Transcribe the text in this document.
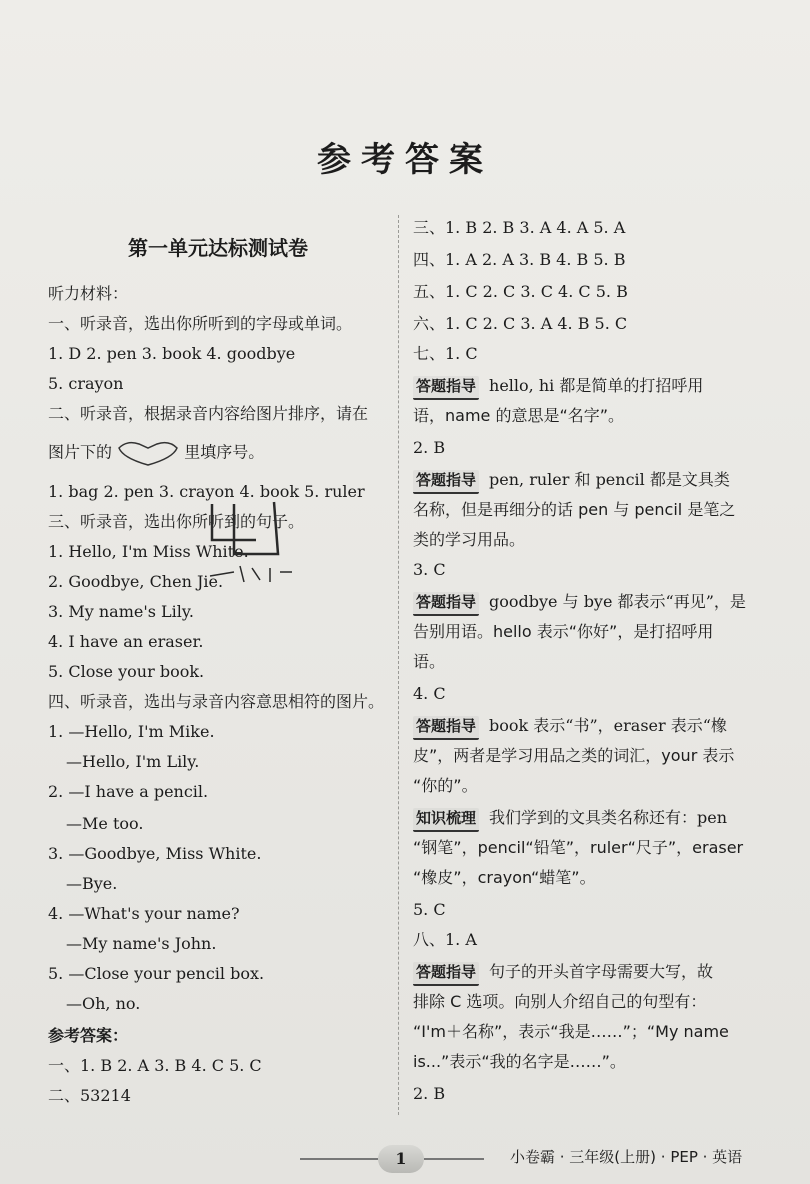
参考答案
第一单元达标测试卷
听力材料：
一、听录音，选出你所听到的字母或单词。
1. D 2. pen 3. book 4. goodbye
5. crayon
二、听录音，根据录音内容给图片排序，请在
图片下的	里填序号。
1. bag 2. pen 3. crayon 4. book 5. ruler
三、听录音，选出你所听到的句子。
1. Hello, I'm Miss White.
2. Goodbye, Chen Jie.
3. My name's Lily.
4. I have an eraser.
5. Close your book.
四、听录音，选出与录音内容意思相符的图片。
1. —Hello, I'm Mike.
—Hello, I'm Lily.
2. —I have a pencil.
—Me too.
3. —Goodbye, Miss White.
—Bye.
4. —What's your name?
—My name's John.
5. —Close your pencil box.
—Oh, no.
参考答案：
一、1. B 2. A 3. B 4. C 5. C
二、53214
三、1. B 2. B 3. A 4. A 5. A
四、1. A 2. A 3. B 4. B 5. B
五、1. C 2. C 3. C 4. C 5. B
六、1. C 2. C 3. A 4. B 5. C
七、1. C
答题指导 hello, hi 都是简单的打招呼用
语，name 的意思是“名字”。
2. B
答题指导 pen, ruler 和 pencil 都是文具类
名称，但是再细分的话 pen 与 pencil 是笔之
类的学习用品。
3. C
答题指导 goodbye 与 bye 都表示“再见”，是
告别用语。hello 表示“你好”，是打招呼用
语。
4. C
答题指导 book 表示“书”，eraser 表示“橡
皮”，两者是学习用品之类的词汇，your 表示
“你的”。
知识梳理 我们学到的文具类名称还有：pen
“钢笔”，pencil“铅笔”，ruler“尺子”，eraser
“橡皮”，crayon“蜡笔”。
5. C
八、1. A
答题指导 句子的开头首字母需要大写，故
排除 C 选项。向别人介绍自己的句型有：
“I'm＋名称”，表示“我是……”；“My name
is...”表示“我的名字是……”。
2. B
1	小卷霸 · 三年级(上册) · PEP · 英语
